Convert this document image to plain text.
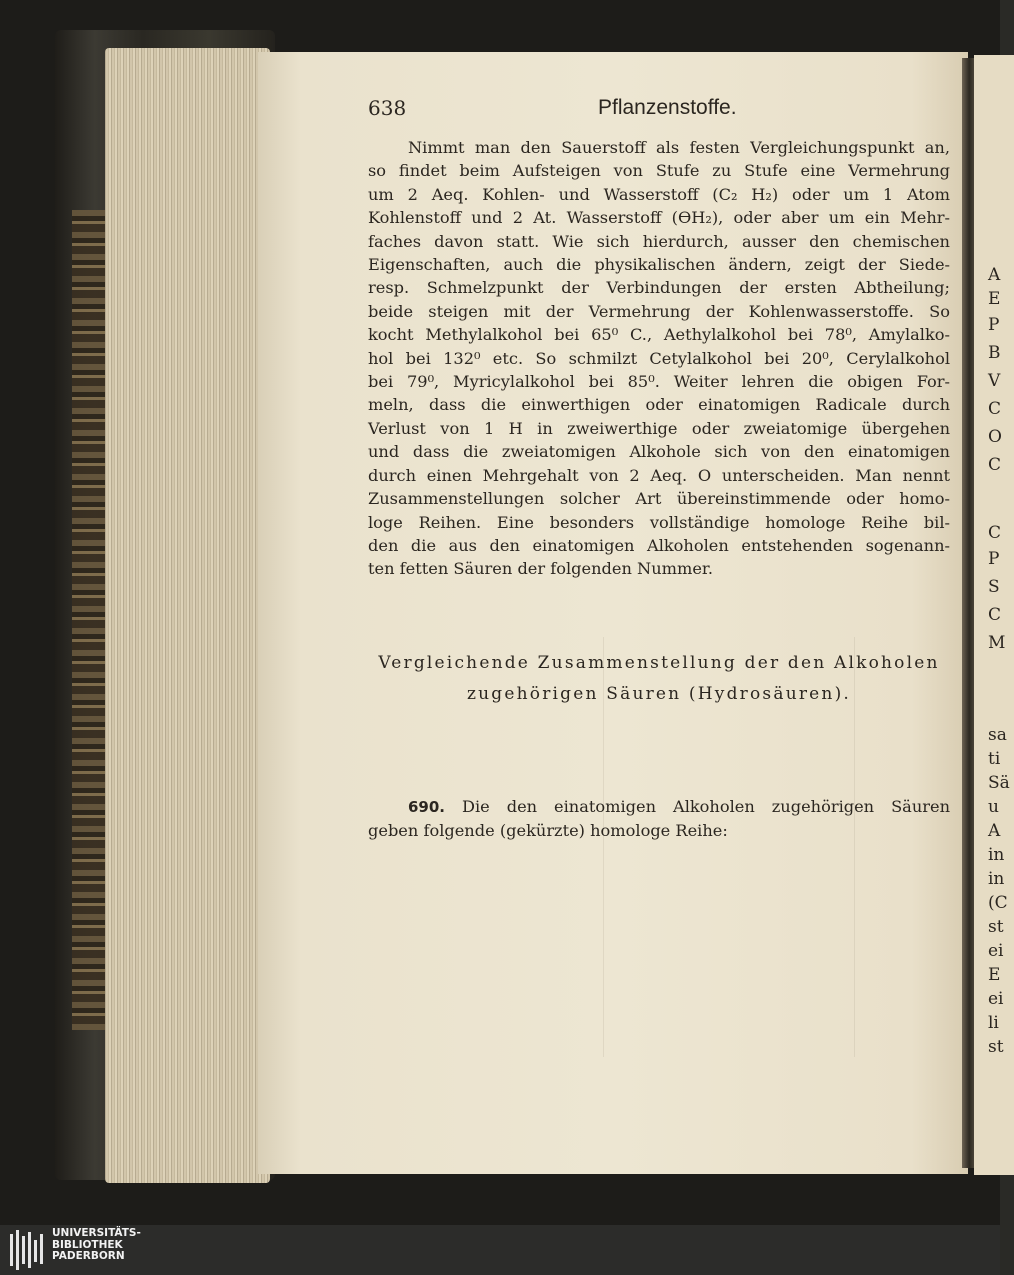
638	Pflanzenstoffe.
Nimmt man den Sauerstoff als festen Vergleichungspunkt an,
so findet beim Aufsteigen von Stufe zu Stufe eine Vermehrung
um 2 Aeq. Kohlen- und Wasserstoff (C₂ H₂) oder um 1 Atom
Kohlenstoff und 2 At. Wasserstoff (ϴH₂), oder aber um ein Mehr-
faches davon statt. Wie sich hierdurch, ausser den chemischen
Eigenschaften, auch die physikalischen ändern, zeigt der Siede-
resp. Schmelzpunkt der Verbindungen der ersten Abtheilung;
beide steigen mit der Vermehrung der Kohlenwasserstoffe. So
kocht Methylalkohol bei 65⁰ C., Aethylalkohol bei 78⁰, Amylalko-
hol bei 132⁰ etc. So schmilzt Cetylalkohol bei 20⁰, Cerylalkohol
bei 79⁰, Myricylalkohol bei 85⁰. Weiter lehren die obigen For-
meln, dass die einwerthigen oder einatomigen Radicale durch
Verlust von 1 H in zweiwerthige oder zweiatomige übergehen
und dass die zweiatomigen Alkohole sich von den einatomigen
durch einen Mehrgehalt von 2 Aeq. O unterscheiden. Man nennt
Zusammenstellungen solcher Art übereinstimmende oder homo-
loge Reihen. Eine besonders vollständige homologe Reihe bil-
den die aus den einatomigen Alkoholen entstehenden sogenann-
ten fetten Säuren der folgenden Nummer.
Vergleichende Zusammenstellung der den Alkoholen
zugehörigen Säuren (Hydrosäuren).
690. Die den einatomigen Alkoholen zugehörigen Säuren
geben folgende (gekürzte) homologe Reihe:
A
E
P
B
V
C
O
C
C
P
S
C
M
sa
ti
Sä
u
A
in
in
(C
st
ei
E
ei
li
st
UNIVERSITÄTS-
BIBLIOTHEK
PADERBORN
